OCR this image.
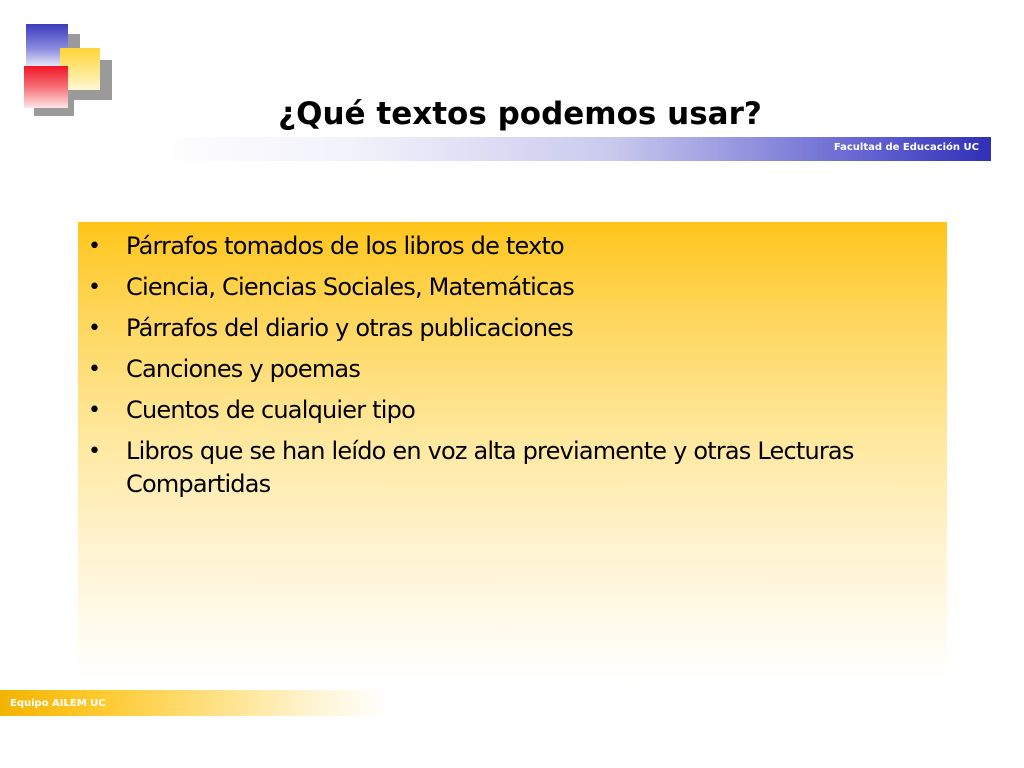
¿Qué textos podemos usar?
Facultad de Educación UC
•	Párrafos tomados de los libros de texto
•	Ciencia, Ciencias Sociales, Matemáticas
•	Párrafos del diario y otras publicaciones
•	Canciones y poemas
•	Cuentos de cualquier tipo
•	Libros que se han leído en voz alta previamente y otras Lecturas Compartidas
Equipo AILEM UC
